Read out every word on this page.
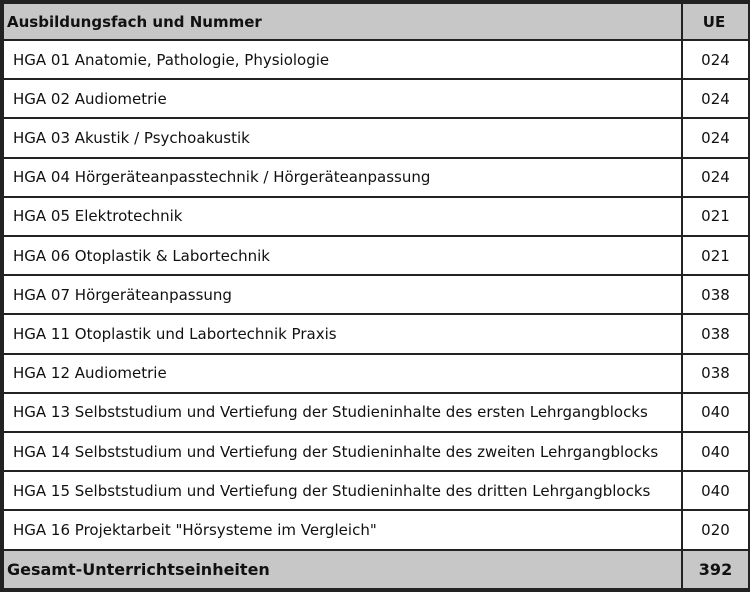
Ausbildungsfach und Nummer	UE
HGA 01 Anatomie, Pathologie, Physiologie	024
HGA 02 Audiometrie	024
HGA 03 Akustik / Psychoakustik	024
HGA 04 Hörgeräteanpasstechnik / Hörgeräteanpassung	024
HGA 05 Elektrotechnik	021
HGA 06 Otoplastik & Labortechnik	021
HGA 07 Hörgeräteanpassung	038
HGA 11 Otoplastik und Labortechnik Praxis	038
HGA 12 Audiometrie	038
HGA 13 Selbststudium und Vertiefung der Studieninhalte des ersten Lehrgangblocks	040
HGA 14 Selbststudium und Vertiefung der Studieninhalte des zweiten Lehrgangblocks	040
HGA 15 Selbststudium und Vertiefung der Studieninhalte des dritten Lehrgangblocks	040
HGA 16 Projektarbeit "Hörsysteme im Vergleich"	020
Gesamt-Unterrichtseinheiten	392
